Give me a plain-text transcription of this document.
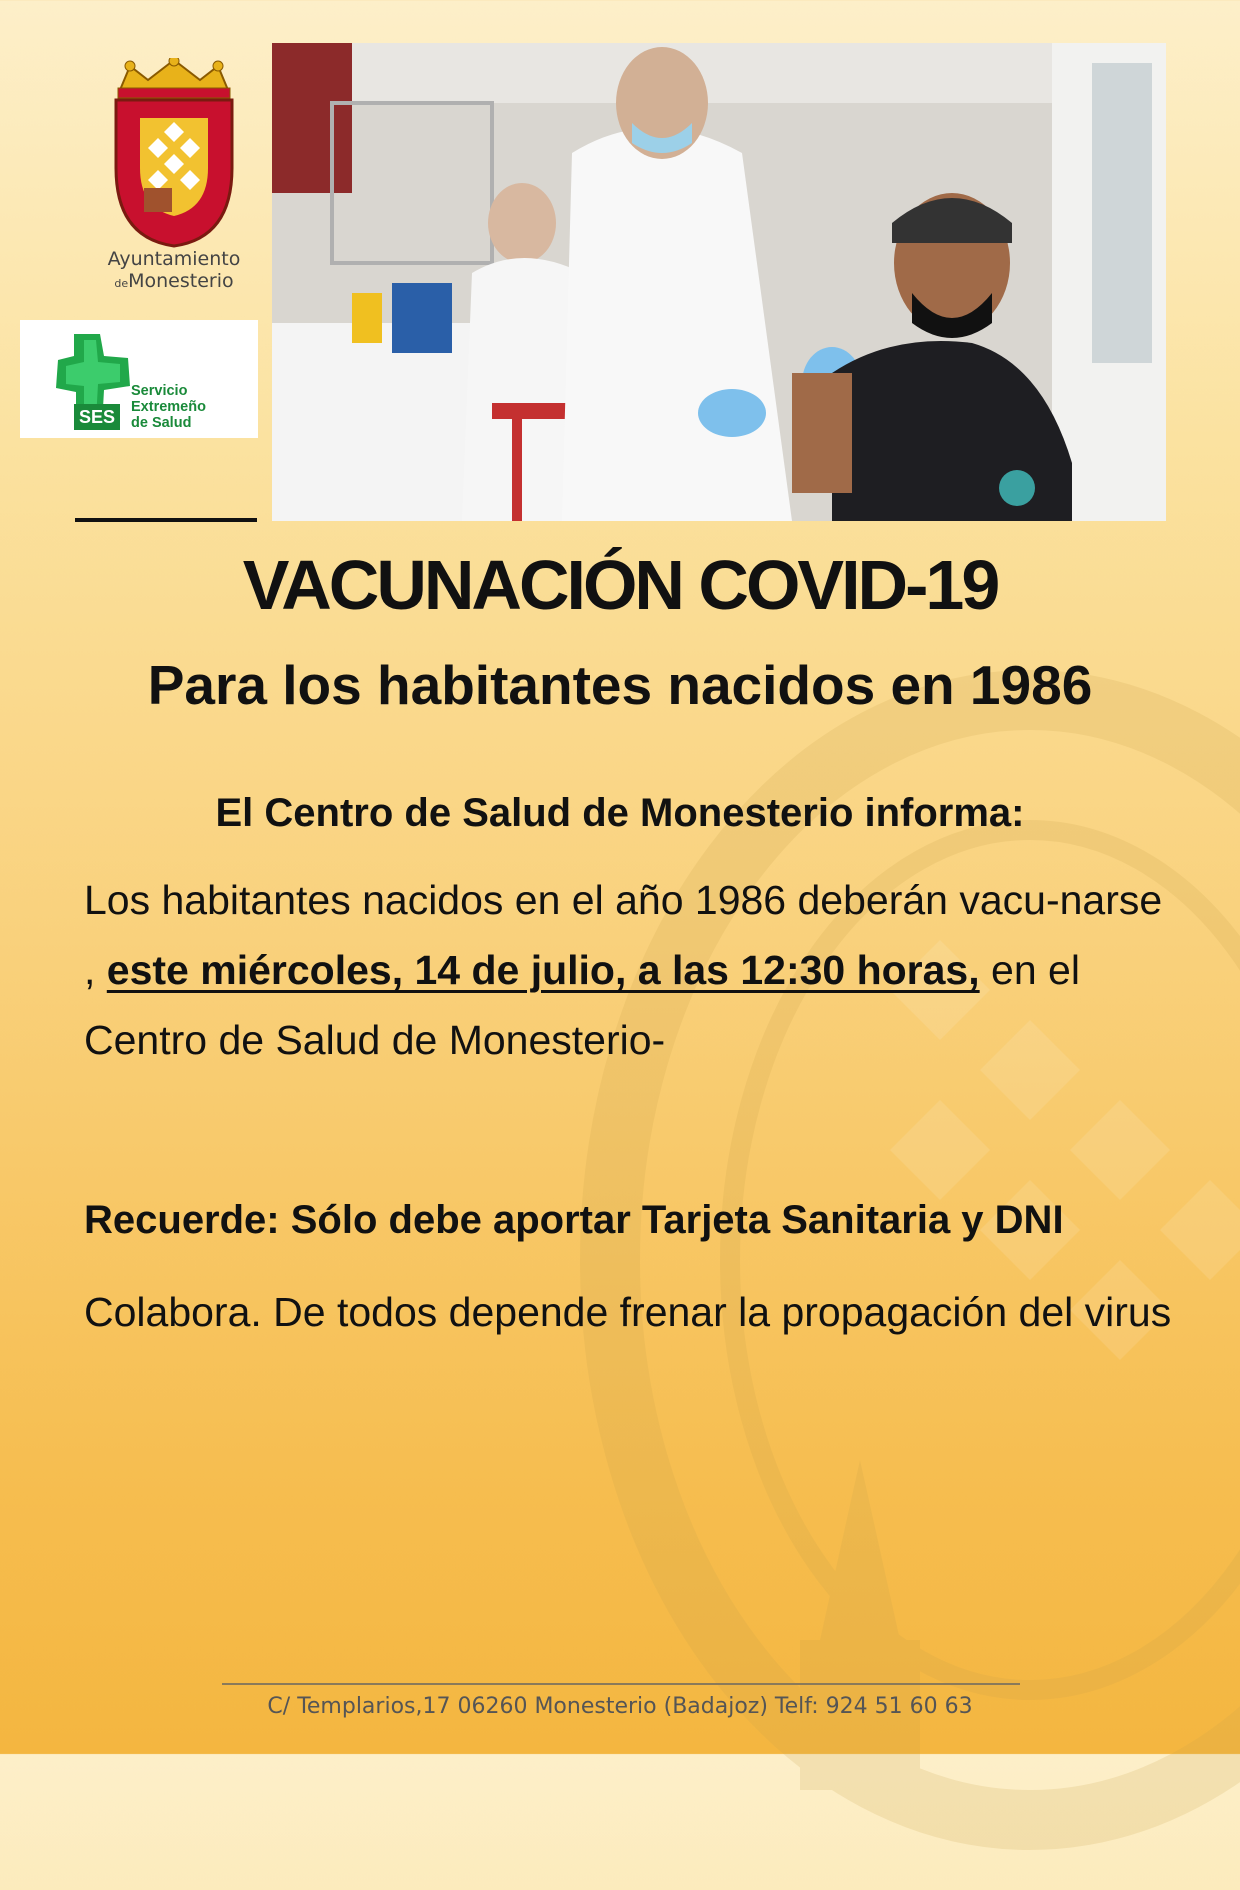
Ayuntamiento
deMonesterio
SES
Servicio
Extremeño
de Salud
VACUNACIÓN COVID-19
Para los habitantes nacidos en 1986
El Centro de Salud de Monesterio informa:
Los habitantes nacidos en el año 1986 deberán vacu-narse , este miércoles, 14 de julio, a las 12:30 horas, en el Centro de Salud de Monesterio-
Recuerde: Sólo debe aportar Tarjeta Sanitaria y DNI
Colabora. De todos depende frenar la propagación del virus
C/ Templarios,17 06260 Monesterio (Badajoz) Telf: 924 51 60 63
